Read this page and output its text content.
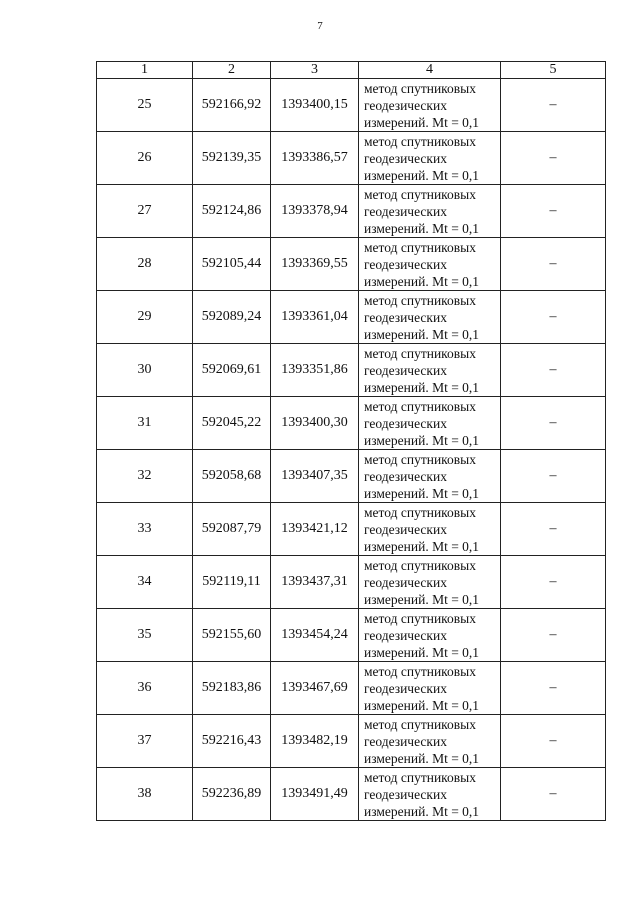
7
1	2	3	4	5
25	592166,92	1393400,15	метод спутниковых геодезических измерений. Mt = 0,1	–
26	592139,35	1393386,57	метод спутниковых геодезических измерений. Mt = 0,1	–
27	592124,86	1393378,94	метод спутниковых геодезических измерений. Mt = 0,1	–
28	592105,44	1393369,55	метод спутниковых геодезических измерений. Mt = 0,1	–
29	592089,24	1393361,04	метод спутниковых геодезических измерений. Mt = 0,1	–
30	592069,61	1393351,86	метод спутниковых геодезических измерений. Mt = 0,1	–
31	592045,22	1393400,30	метод спутниковых геодезических измерений. Mt = 0,1	–
32	592058,68	1393407,35	метод спутниковых геодезических измерений. Mt = 0,1	–
33	592087,79	1393421,12	метод спутниковых геодезических измерений. Mt = 0,1	–
34	592119,11	1393437,31	метод спутниковых геодезических измерений. Mt = 0,1	–
35	592155,60	1393454,24	метод спутниковых геодезических измерений. Mt = 0,1	–
36	592183,86	1393467,69	метод спутниковых геодезических измерений. Mt = 0,1	–
37	592216,43	1393482,19	метод спутниковых геодезических измерений. Mt = 0,1	–
38	592236,89	1393491,49	метод спутниковых геодезических измерений. Mt = 0,1	–
